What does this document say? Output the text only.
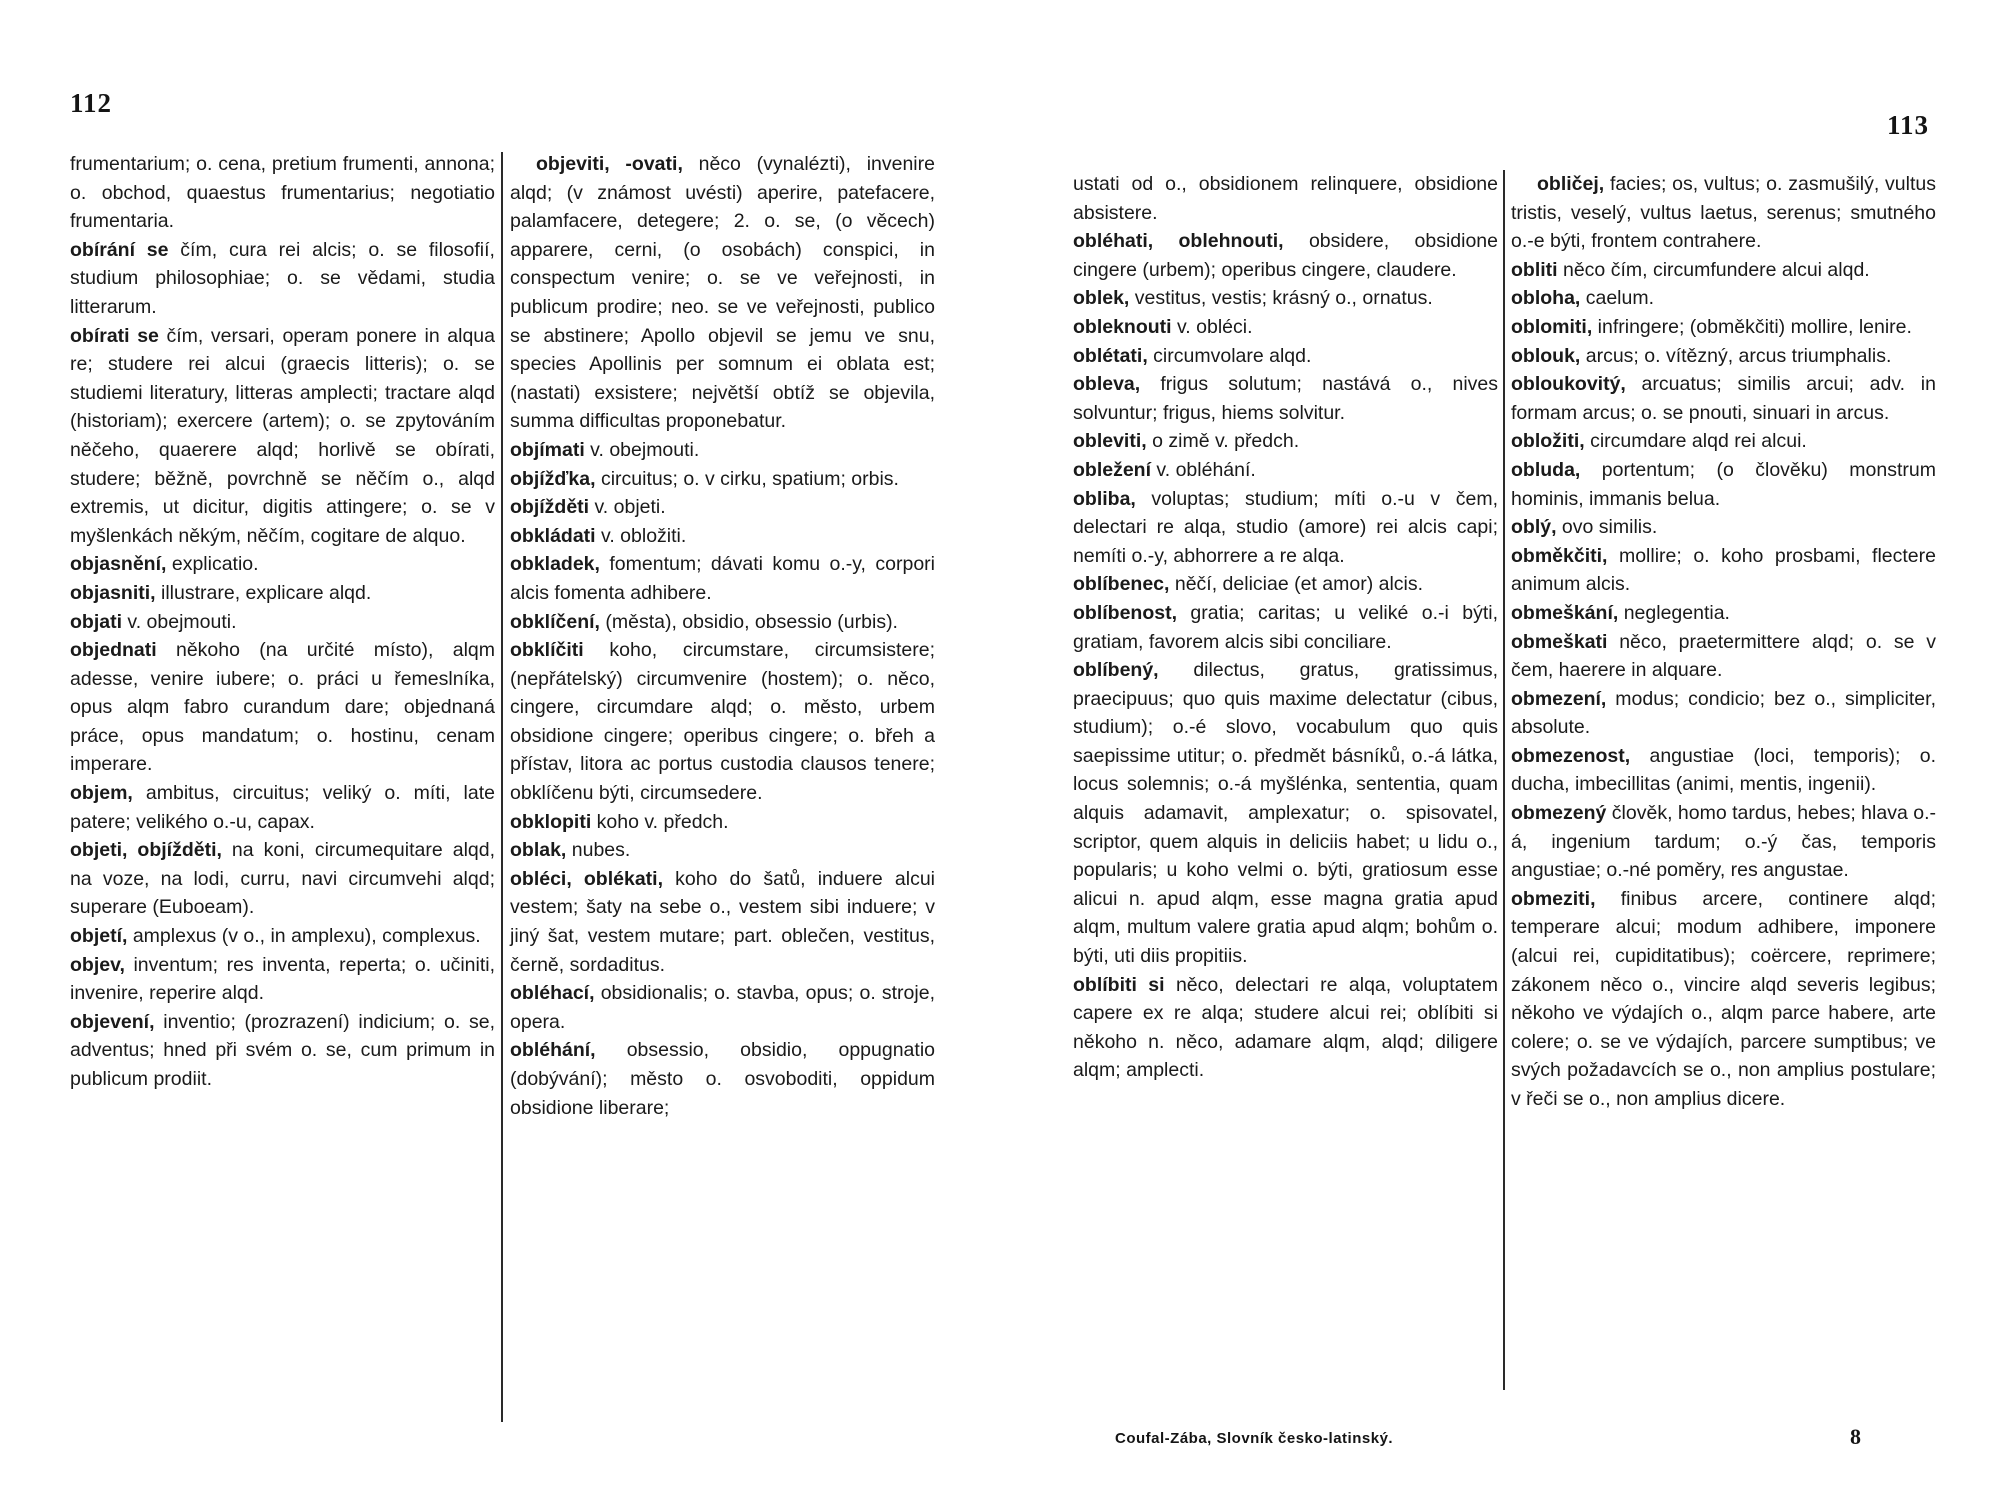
112
113

frumentarium; o. cena, pretium frumenti, annona; o. obchod, quaestus frumentarius; negotiatio frumentaria.

obírání se čím, cura rei alcis; o. se filosofií, studium philosophiae; o. se vědami, studia litterarum.

obírati se čím, versari, operam ponere in alqua re; studere rei alcui (graecis litteris); o. se studiemi literatury, litteras amplecti; tractare alqd (historiam); exercere (artem); o. se zpytováním něčeho, quaerere alqd; horlivě se obírati, studere; běžně, povrchně se něčím o., alqd extremis, ut dicitur, digitis attingere; o. se v myšlenkách někým, něčím, cogitare de alquo.

objasnění, explicatio.

objasniti, illustrare, explicare alqd.

objati v. obejmouti.

objednati někoho (na určité místo), alqm adesse, venire iubere; o. práci u řemeslníka, opus alqm fabro curandum dare; objednaná práce, opus mandatum; o. hostinu, cenam imperare.

objem, ambitus, circuitus; veliký o. míti, late patere; velikého o.-u, capax.

objeti, objížděti, na koni, circumequitare alqd, na voze, na lodi, curru, navi circumvehi alqd; superare (Euboeam).

objetí, amplexus (v o., in amplexu), complexus.

objev, inventum; res inventa, reperta; o. učiniti, invenire, reperire alqd.

objevení, inventio; (prozrazení) indicium; o. se, adventus; hned při svém o. se, cum primum in publicum prodiit.

objeviti, -ovati, něco (vynalézti), invenire alqd; (v známost uvésti) aperire, patefacere, palamfacere, detegere; 2. o. se, (o věcech) apparere, cerni, (o osobách) conspici, in conspectum venire; o. se ve veřejnosti, in publicum prodire; neo. se ve veřejnosti, publico se abstinere; Apollo objevil se jemu ve snu, species Apollinis per somnum ei oblata est; (nastati) exsistere; největší obtíž se objevila, summa difficultas proponebatur.

objímati v. obejmouti.

objížďka, circuitus; o. v cirku, spatium; orbis.

objížděti v. objeti.

obkládati v. obložiti.

obkladek, fomentum; dávati komu o.-y, corpori alcis fomenta adhibere.

obklíčení, (města), obsidio, obsessio (urbis).

obklíčiti koho, circumstare, circumsistere; (nepřátelský) circumvenire (hostem); o. něco, cingere, circumdare alqd; o. město, urbem obsidione cingere; operibus cingere; o. břeh a přístav, litora ac portus custodia clausos tenere; obklíčenu býti, circumsedere.

obklopiti koho v. předch.

oblak, nubes.

obléci, oblékati, koho do šatů, induere alcui vestem; šaty na sebe o., vestem sibi induere; v jiný šat, vestem mutare; part. oblečen, vestitus, černě, sordaditus.

obléhací, obsidionalis; o. stavba, opus; o. stroje, opera.

obléhání, obsessio, obsidio, oppugnatio (dobývání); město o. osvoboditi, oppidum obsidione liberare;

ustati od o., obsidionem relinquere, obsidione absistere.

obléhati, oblehnouti, obsidere, obsidione cingere (urbem); operibus cingere, claudere.

oblek, vestitus, vestis; krásný o., ornatus.

obleknouti v. obléci.

oblétati, circumvolare alqd.

obleva, frigus solutum; nastává o., nives solvuntur; frigus, hiems solvitur.

obleviti, o zimě v. předch.

obležení v. obléhání.

obliba, voluptas; studium; míti o.-u v čem, delectari re alqa, studio (amore) rei alcis capi; nemíti o.-y, abhorrere a re alqa.

oblíbenec, něčí, deliciae (et amor) alcis.

oblíbenost, gratia; caritas; u veliké o.-i býti, gratiam, favorem alcis sibi conciliare.

oblíbený, dilectus, gratus, gratissimus, praecipuus; quo quis maxime delectatur (cibus, studium); o.-é slovo, vocabulum quo quis saepissime utitur; o. předmět básníků, o.-á látka, locus solemnis; o.-á myšlénka, sententia, quam alquis adamavit, amplexatur; o. spisovatel, scriptor, quem alquis in deliciis habet; u lidu o., popularis; u koho velmi o. býti, gratiosum esse alicui n. apud alqm, esse magna gratia apud alqm, multum valere gratia apud alqm; bohům o. býti, uti diis propitiis.

oblíbiti si něco, delectari re alqa, voluptatem capere ex re alqa; studere alcui rei; oblíbiti si někoho n. něco, adamare alqm, alqd; diligere alqm; amplecti.

obličej, facies; os, vultus; o. zasmušilý, vultus tristis, veselý, vultus laetus, serenus; smutného o.-e býti, frontem contrahere.

obliti něco čím, circumfundere alcui alqd.

obloha, caelum.

oblomiti, infringere; (obměkčiti) mollire, lenire.

oblouk, arcus; o. vítězný, arcus triumphalis.

obloukovitý, arcuatus; similis arcui; adv. in formam arcus; o. se pnouti, sinuari in arcus.

obložiti, circumdare alqd rei alcui.

obluda, portentum; (o člověku) monstrum hominis, immanis belua.

oblý, ovo similis.

obměkčiti, mollire; o. koho prosbami, flectere animum alcis.

obmeškání, neglegentia.

obmeškati něco, praetermittere alqd; o. se v čem, haerere in alquare.

obmezení, modus; condicio; bez o., simpliciter, absolute.

obmezenost, angustiae (loci, temporis); o. ducha, imbecillitas (animi, mentis, ingenii).

obmezený člověk, homo tardus, hebes; hlava o.-á, ingenium tardum; o.-ý čas, temporis angustiae; o.-né poměry, res angustae.

obmeziti, finibus arcere, continere alqd; temperare alcui; modum adhibere, imponere (alcui rei, cupiditatibus); coërcere, reprimere; zákonem něco o., vincire alqd severis legibus; někoho ve výdajích o., alqm parce habere, arte colere; o. se ve výdajích, parcere sumptibus; ve svých požadavcích se o., non amplius postulare; v řeči se o., non amplius dicere.

Coufal-Zába, Slovník česko-latinský.	8
